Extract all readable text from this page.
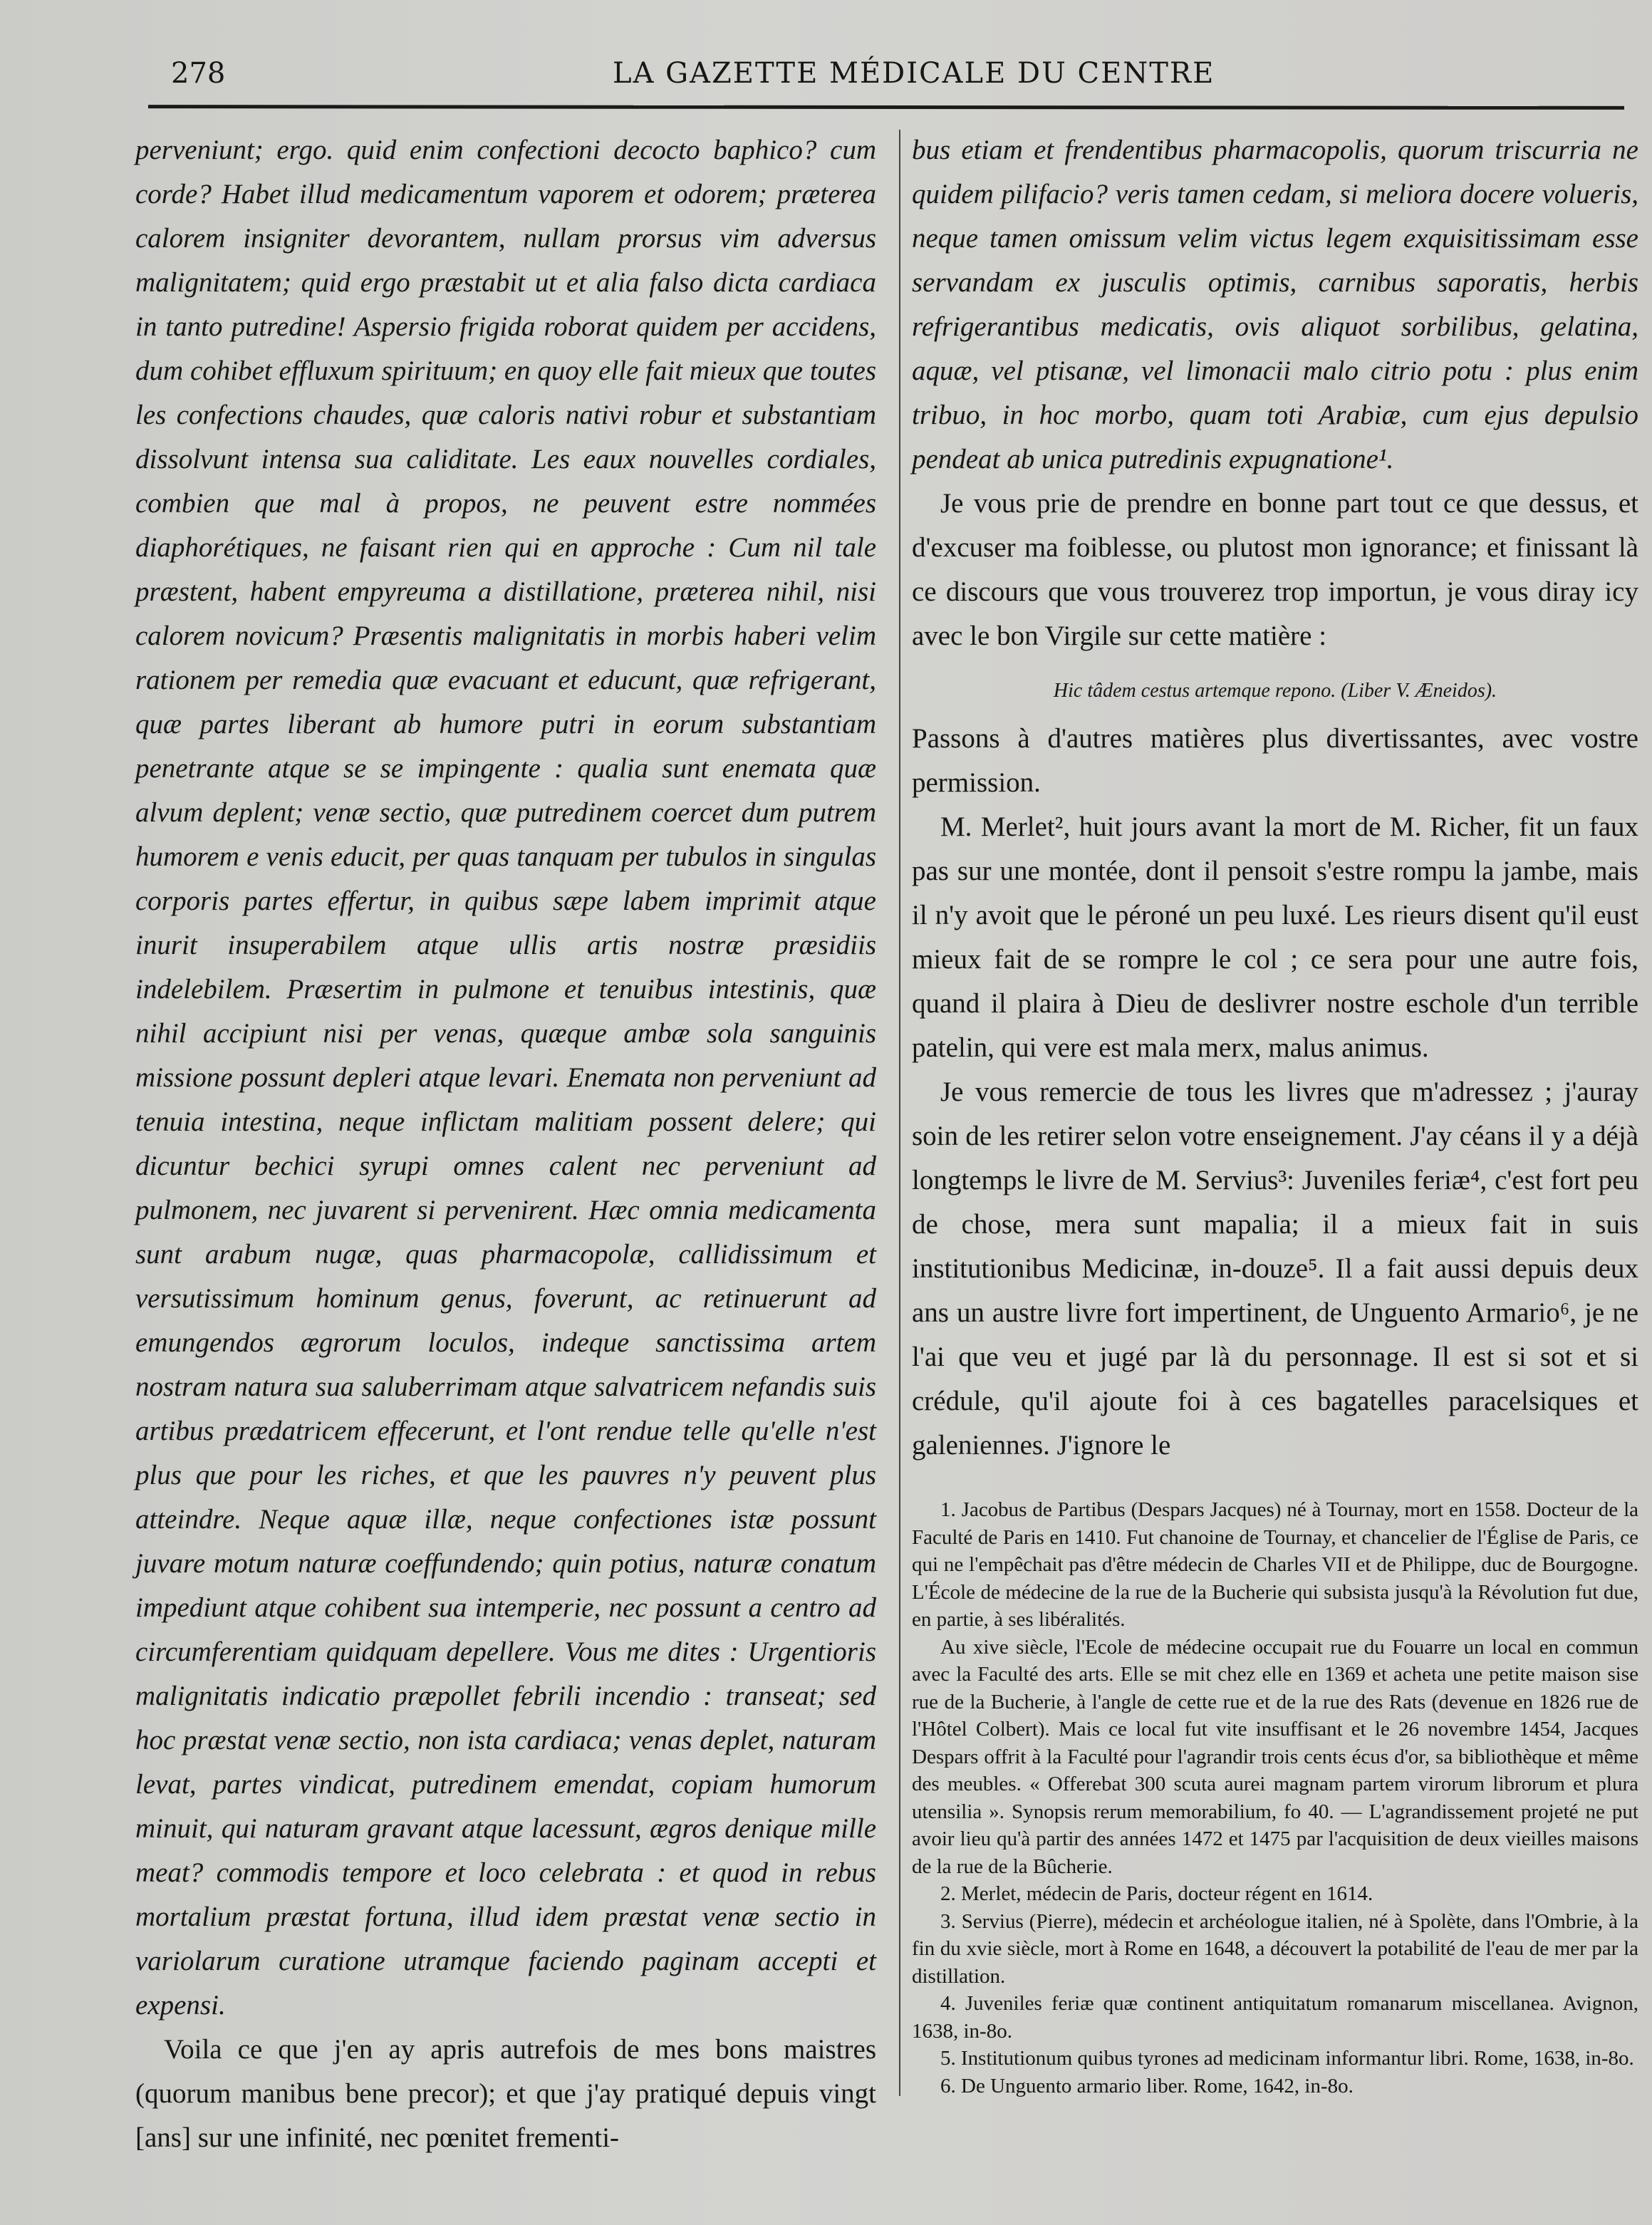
278	LA GAZETTE MÉDICALE DU CENTRE

perveniunt; ergo. quid enim confectioni decocto baphico? cum corde? Habet illud medicamentum vaporem et odorem; præterea calorem insigniter devorantem, nullam prorsus vim adversus malignitatem; quid ergo præstabit ut et alia falso dicta cardiaca in tanto putredine! Aspersio frigida roborat quidem per accidens, dum cohibet effluxum spirituum; en quoy elle fait mieux que toutes les confections chaudes, quæ caloris nativi robur et substantiam dissolvunt intensa sua caliditate. Les eaux nouvelles cordiales, combien que mal à propos, ne peuvent estre nommées diaphorétiques, ne faisant rien qui en approche : Cum nil tale præstent, habent empyreuma a distillatione, præterea nihil, nisi calorem novicum? Præsentis malignitatis in morbis haberi velim rationem per remedia quæ evacuant et educunt, quæ refrigerant, quæ partes liberant ab humore putri in eorum substantiam penetrante atque se se impingente : qualia sunt enemata quæ alvum deplent; venæ sectio, quæ putredinem coercet dum putrem humorem e venis educit, per quas tanquam per tubulos in singulas corporis partes effertur, in quibus sæpe labem imprimit atque inurit insuperabilem atque ullis artis nostræ præsidiis indelebilem. Præsertim in pulmone et tenuibus intestinis, quæ nihil accipiunt nisi per venas, quæque ambæ sola sanguinis missione possunt depleri atque levari. Enemata non perveniunt ad tenuia intestina, neque inflictam malitiam possent delere; qui dicuntur bechici syrupi omnes calent nec perveniunt ad pulmonem, nec juvarent si pervenirent. Hæc omnia medicamenta sunt arabum nugæ, quas pharmacopolæ, callidissimum et versutissimum hominum genus, foverunt, ac retinuerunt ad emungendos ægrorum loculos, indeque sanctissima artem nostram natura sua saluberrimam atque salvatricem nefandis suis artibus prædatricem effecerunt, et l'ont rendue telle qu'elle n'est plus que pour les riches, et que les pauvres n'y peuvent plus atteindre. Neque aquæ illæ, neque confectiones istæ possunt juvare motum naturæ coeffundendo; quin potius, naturæ conatum impediunt atque cohibent sua intemperie, nec possunt a centro ad circumferentiam quidquam depellere. Vous me dites : Urgentioris malignitatis indicatio præpollet febrili incendio : transeat; sed hoc præstat venæ sectio, non ista cardiaca; venas deplet, naturam levat, partes vindicat, putredinem emendat, copiam humorum minuit, qui naturam gravant atque lacessunt, ægros denique mille meat? commodis tempore et loco celebrata : et quod in rebus mortalium præstat fortuna, illud idem præstat venæ sectio in variolarum curatione utramque faciendo paginam accepti et expensi.

Voila ce que j'en ay apris autrefois de mes bons maistres (quorum manibus bene precor); et que j'ay pratiqué depuis vingt [ans] sur une infinité, nec pœnitet frementi-

bus etiam et frendentibus pharmacopolis, quorum triscurria ne quidem pilifacio? veris tamen cedam, si meliora docere volueris, neque tamen omissum velim victus legem exquisitissimam esse servandam ex jusculis optimis, carnibus saporatis, herbis refrigerantibus medicatis, ovis aliquot sorbilibus, gelatina, aquæ, vel ptisanæ, vel limonacii malo citrio potu : plus enim tribuo, in hoc morbo, quam toti Arabiæ, cum ejus depulsio pendeat ab unica putredinis expugnatione¹.

Je vous prie de prendre en bonne part tout ce que dessus, et d'excuser ma foiblesse, ou plutost mon ignorance; et finissant là ce discours que vous trouverez trop importun, je vous diray icy avec le bon Virgile sur cette matière :

Hic tâdem cestus artemque repono. (Liber V. Æneidos).

Passons à d'autres matières plus divertissantes, avec vostre permission.

M. Merlet², huit jours avant la mort de M. Richer, fit un faux pas sur une montée, dont il pensoit s'estre rompu la jambe, mais il n'y avoit que le péroné un peu luxé. Les rieurs disent qu'il eust mieux fait de se rompre le col ; ce sera pour une autre fois, quand il plaira à Dieu de deslivrer nostre eschole d'un terrible patelin, qui vere est mala merx, malus animus.

Je vous remercie de tous les livres que m'adressez ; j'auray soin de les retirer selon votre enseignement. J'ay céans il y a déjà longtemps le livre de M. Servius³: Juveniles feriæ⁴, c'est fort peu de chose, mera sunt mapalia; il a mieux fait in suis institutionibus Medicinæ, in-douze⁵. Il a fait aussi depuis deux ans un austre livre fort impertinent, de Unguento Armario⁶, je ne l'ai que veu et jugé par là du personnage. Il est si sot et si crédule, qu'il ajoute foi à ces bagatelles paracelsiques et galeniennes. J'ignore le

1. Jacobus de Partibus (Despars Jacques) né à Tournay, mort en 1558. Docteur de la Faculté de Paris en 1410. Fut chanoine de Tournay, et chancelier de l'Église de Paris, ce qui ne l'empêchait pas d'être médecin de Charles VII et de Philippe, duc de Bourgogne. L'École de médecine de la rue de la Bucherie qui subsista jusqu'à la Révolution fut due, en partie, à ses libéralités.
Au xive siècle, l'Ecole de médecine occupait rue du Fouarre un local en commun avec la Faculté des arts. Elle se mit chez elle en 1369 et acheta une petite maison sise rue de la Bucherie, à l'angle de cette rue et de la rue des Rats (devenue en 1826 rue de l'Hôtel Colbert). Mais ce local fut vite insuffisant et le 26 novembre 1454, Jacques Despars offrit à la Faculté pour l'agrandir trois cents écus d'or, sa bibliothèque et même des meubles. « Offerebat 300 scuta aurei magnam partem virorum librorum et plura utensilia ». Synopsis rerum memorabilium, fo 40. — L'agrandissement projeté ne put avoir lieu qu'à partir des années 1472 et 1475 par l'acquisition de deux vieilles maisons de la rue de la Bûcherie.
2. Merlet, médecin de Paris, docteur régent en 1614.
3. Servius (Pierre), médecin et archéologue italien, né à Spolète, dans l'Ombrie, à la fin du xvie siècle, mort à Rome en 1648, a découvert la potabilité de l'eau de mer par la distillation.
4. Juveniles feriæ quæ continent antiquitatum romanarum miscellanea. Avignon, 1638, in-8o.
5. Institutionum quibus tyrones ad medicinam informantur libri. Rome, 1638, in-8o.
6. De Unguento armario liber. Rome, 1642, in-8o.
